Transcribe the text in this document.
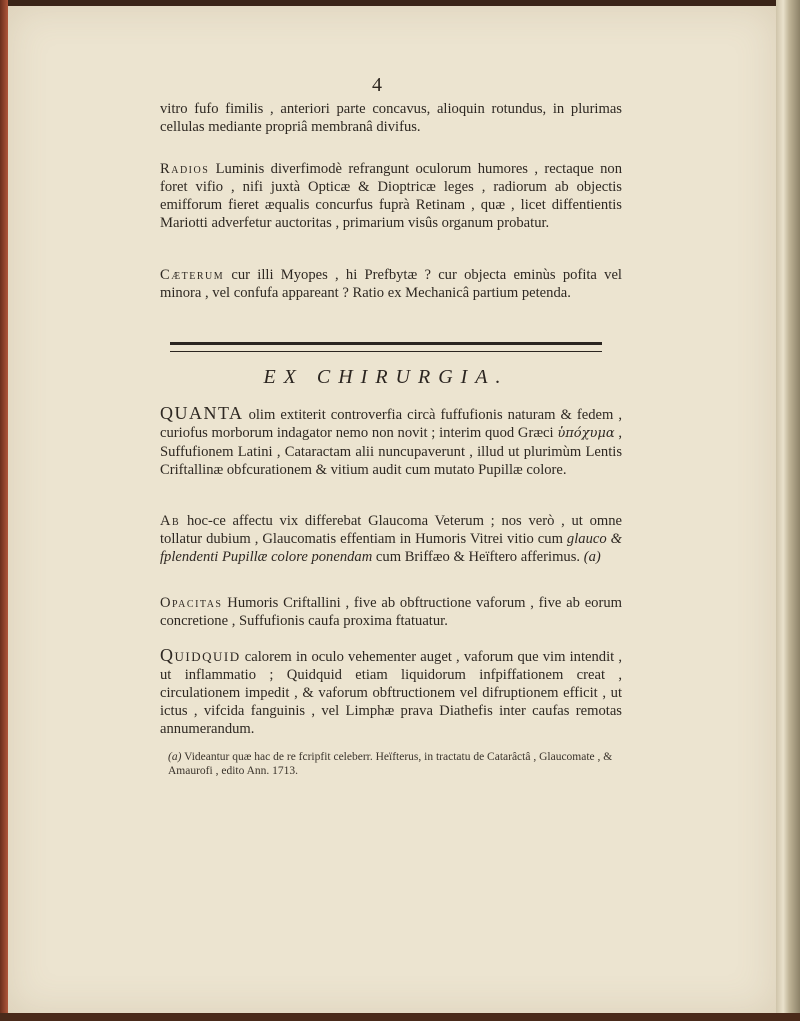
4
vitro fufo fimilis , anteriori parte concavus, alioquin rotundus, in plurimas cellulas mediante propriâ membranâ divifus.
Radios Luminis diverfimodè refrangunt oculorum humores , rectaque non foret vifio , nifi juxtà Opticæ & Dioptricæ leges , radiorum ab objectis emifforum fieret æqualis concurfus fuprà Retinam , quæ , licet diffentientis Mariotti adverfetur auctoritas , primarium visûs organum probatur.
Cæterum cur illi Myopes , hi Prefbytæ ? cur objecta eminùs pofita vel minora , vel confufa appareant ? Ratio ex Mechanicâ partium petenda.
EX CHIRURGIA.
QUANTA olim extiterit controverfia circà fuffufionis naturam & fedem , curiofus morborum indagator nemo non novit ; interim quod Græci ὑπόχυμα , Suffufionem Latini , Cataractam alii nuncupaverunt , illud ut plurimùm Lentis Criftallinæ obfcurationem & vitium audit cum mutato Pupillæ colore.
Ab hoc-ce affectu vix differebat Glaucoma Veterum ; nos verò , ut omne tollatur dubium , Glaucomatis effentiam in Humoris Vitrei vitio cum glauco & fplendenti Pupillæ colore ponendam cum Briffæo & Heïftero afferimus. (a)
Opacitas Humoris Criftallini , five ab obftructione vaforum , five ab eorum concretione , Suffufionis caufa proxima ftatuatur.
Quidquid calorem in oculo vehementer auget , vaforum que vim intendit , ut inflammatio ; Quidquid etiam liquidorum infpiffationem creat , circulationem impedit , & vaforum obftructionem vel difruptionem efficit , ut ictus , vifcida fanguinis , vel Limphæ prava Diathefis inter caufas remotas annumerandum.
(a) Videantur quæ hac de re fcripfit celeberr. Heïfterus, in tractatu de Catarâctâ , Glaucomate , & Amaurofi , edito Ann. 1713.
